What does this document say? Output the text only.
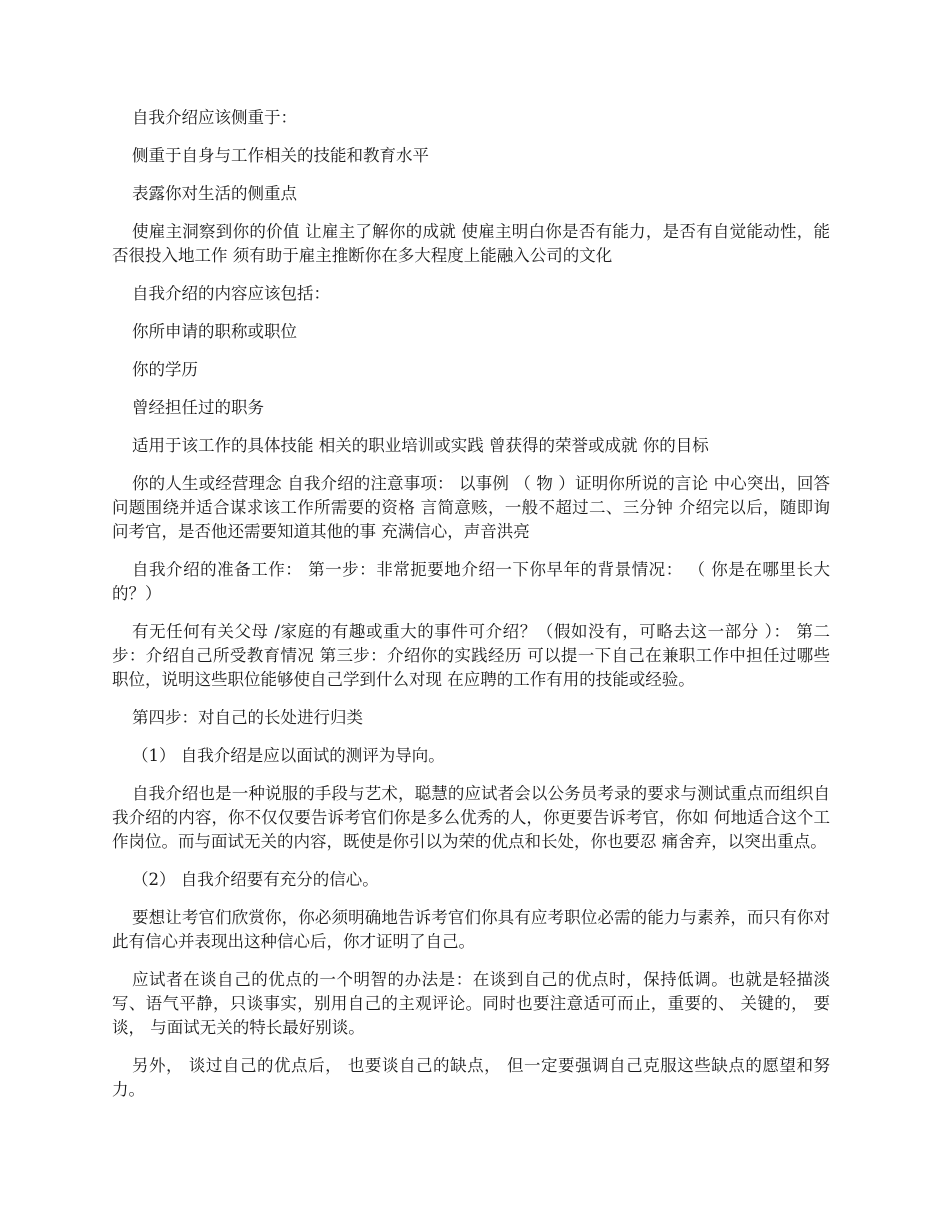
自我介绍应该侧重于：

侧重于自身与工作相关的技能和教育水平

表露你对生活的侧重点

使雇主洞察到你的价值 让雇主了解你的成就 使雇主明白你是否有能力，是否有自觉能动性，能否很投入地工作 须有助于雇主推断你在多大程度上能融入公司的文化

自我介绍的内容应该包括：

你所申请的职称或职位

你的学历

曾经担任过的职务

适用于该工作的具体技能 相关的职业培训或实践 曾获得的荣誉或成就 你的目标

你的人生或经营理念 自我介绍的注意事项： 以事例 （ 物 ）证明你所说的言论 中心突出，回答问题围绕并适合谋求该工作所需要的资格 言简意赅，一般不超过二、三分钟 介绍完以后，随即询问考官，是否他还需要知道其他的事 充满信心，声音洪亮

自我介绍的准备工作： 第一步：非常扼要地介绍一下你早年的背景情况： （ 你是在哪里长大的？）

有无任何有关父母 /家庭的有趣或重大的事件可介绍？（假如没有，可略去这一部分 ）： 第二步：介绍自己所受教育情况 第三步：介绍你的实践经历 可以提一下自己在兼职工作中担任过哪些职位，说明这些职位能够使自己学到什么对现 在应聘的工作有用的技能或经验。

第四步：对自己的长处进行归类

（1） 自我介绍是应以面试的测评为导向。

自我介绍也是一种说服的手段与艺术，聪慧的应试者会以公务员考录的要求与测试重点而组织自我介绍的内容，你不仅仅要告诉考官们你是多么优秀的人，你更要告诉考官，你如 何地适合这个工作岗位。而与面试无关的内容，既使是你引以为荣的优点和长处，你也要忍 痛舍弃，以突出重点。

（2） 自我介绍要有充分的信心。

要想让考官们欣赏你，你必须明确地告诉考官们你具有应考职位必需的能力与素养，而只有你对此有信心并表现出这种信心后，你才证明了自己。

应试者在谈自己的优点的一个明智的办法是：在谈到自己的优点时，保持低调。也就是轻描淡写、语气平静，只谈事实，别用自己的主观评论。同时也要注意适可而止，重要的、 关键的， 要谈， 与面试无关的特长最好别谈。

另外， 谈过自己的优点后， 也要谈自己的缺点， 但一定要强调自己克服这些缺点的愿望和努力。
